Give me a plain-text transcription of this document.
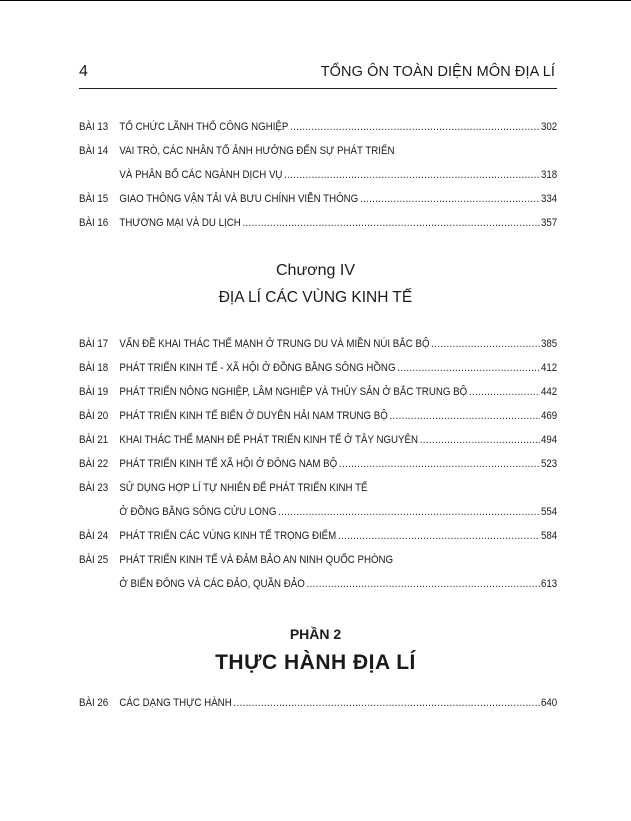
4	TỔNG ÔN TOÀN DIỆN MÔN ĐỊA LÍ
BÀI 13 TỔ CHỨC LÃNH THỔ CÔNG NGHIỆP .....	302
BÀI 14 VAI TRÒ, CÁC NHÂN TỐ ẢNH HƯỞNG ĐẾN SỰ PHÁT TRIỂN
VÀ PHÂN BỐ CÁC NGÀNH DỊCH VỤ .....	318
BÀI 15 GIAO THÔNG VẬN TẢI VÀ BƯU CHÍNH VIỄN THÔNG .....	334
BÀI 16 THƯƠNG MẠI VÀ DU LỊCH .....	357
Chương IV
ĐỊA LÍ CÁC VÙNG KINH TẾ
BÀI 17 VẤN ĐỀ KHAI THÁC THẾ MẠNH Ở TRUNG DU VÀ MIỀN NÚI BẮC BỘ .....	385
BÀI 18 PHÁT TRIỂN KINH TẾ - XÃ HỘI Ở ĐỒNG BẰNG SÔNG HỒNG .....	412
BÀI 19 PHÁT TRIỂN NÔNG NGHIỆP, LÂM NGHIỆP VÀ THỦY SẢN Ở BẮC TRUNG BỘ .....	442
BÀI 20 PHÁT TRIỂN KINH TẾ BIỂN Ở DUYÊN HẢI NAM TRUNG BỘ .....	469
BÀI 21 KHAI THÁC THẾ MẠNH ĐỂ PHÁT TRIỂN KINH TẾ Ở TÂY NGUYÊN .....	494
BÀI 22 PHÁT TRIỂN KINH TẾ XÃ HỘI Ở ĐÔNG NAM BỘ .....	523
BÀI 23 SỬ DỤNG HỢP LÍ TỰ NHIÊN ĐỂ PHÁT TRIỂN KINH TẾ
Ở ĐỒNG BẰNG SÔNG CỬU LONG .....	554
BÀI 24 PHÁT TRIỂN CÁC VÙNG KINH TẾ TRỌNG ĐIỂM .....	584
BÀI 25 PHÁT TRIỂN KINH TẾ VÀ ĐẢM BẢO AN NINH QUỐC PHÒNG
Ở BIỂN ĐÔNG VÀ CÁC ĐẢO, QUẦN ĐẢO .....	613
PHẦN 2
THỰC HÀNH ĐỊA LÍ
BÀI 26 CÁC DẠNG THỰC HÀNH .....	640
